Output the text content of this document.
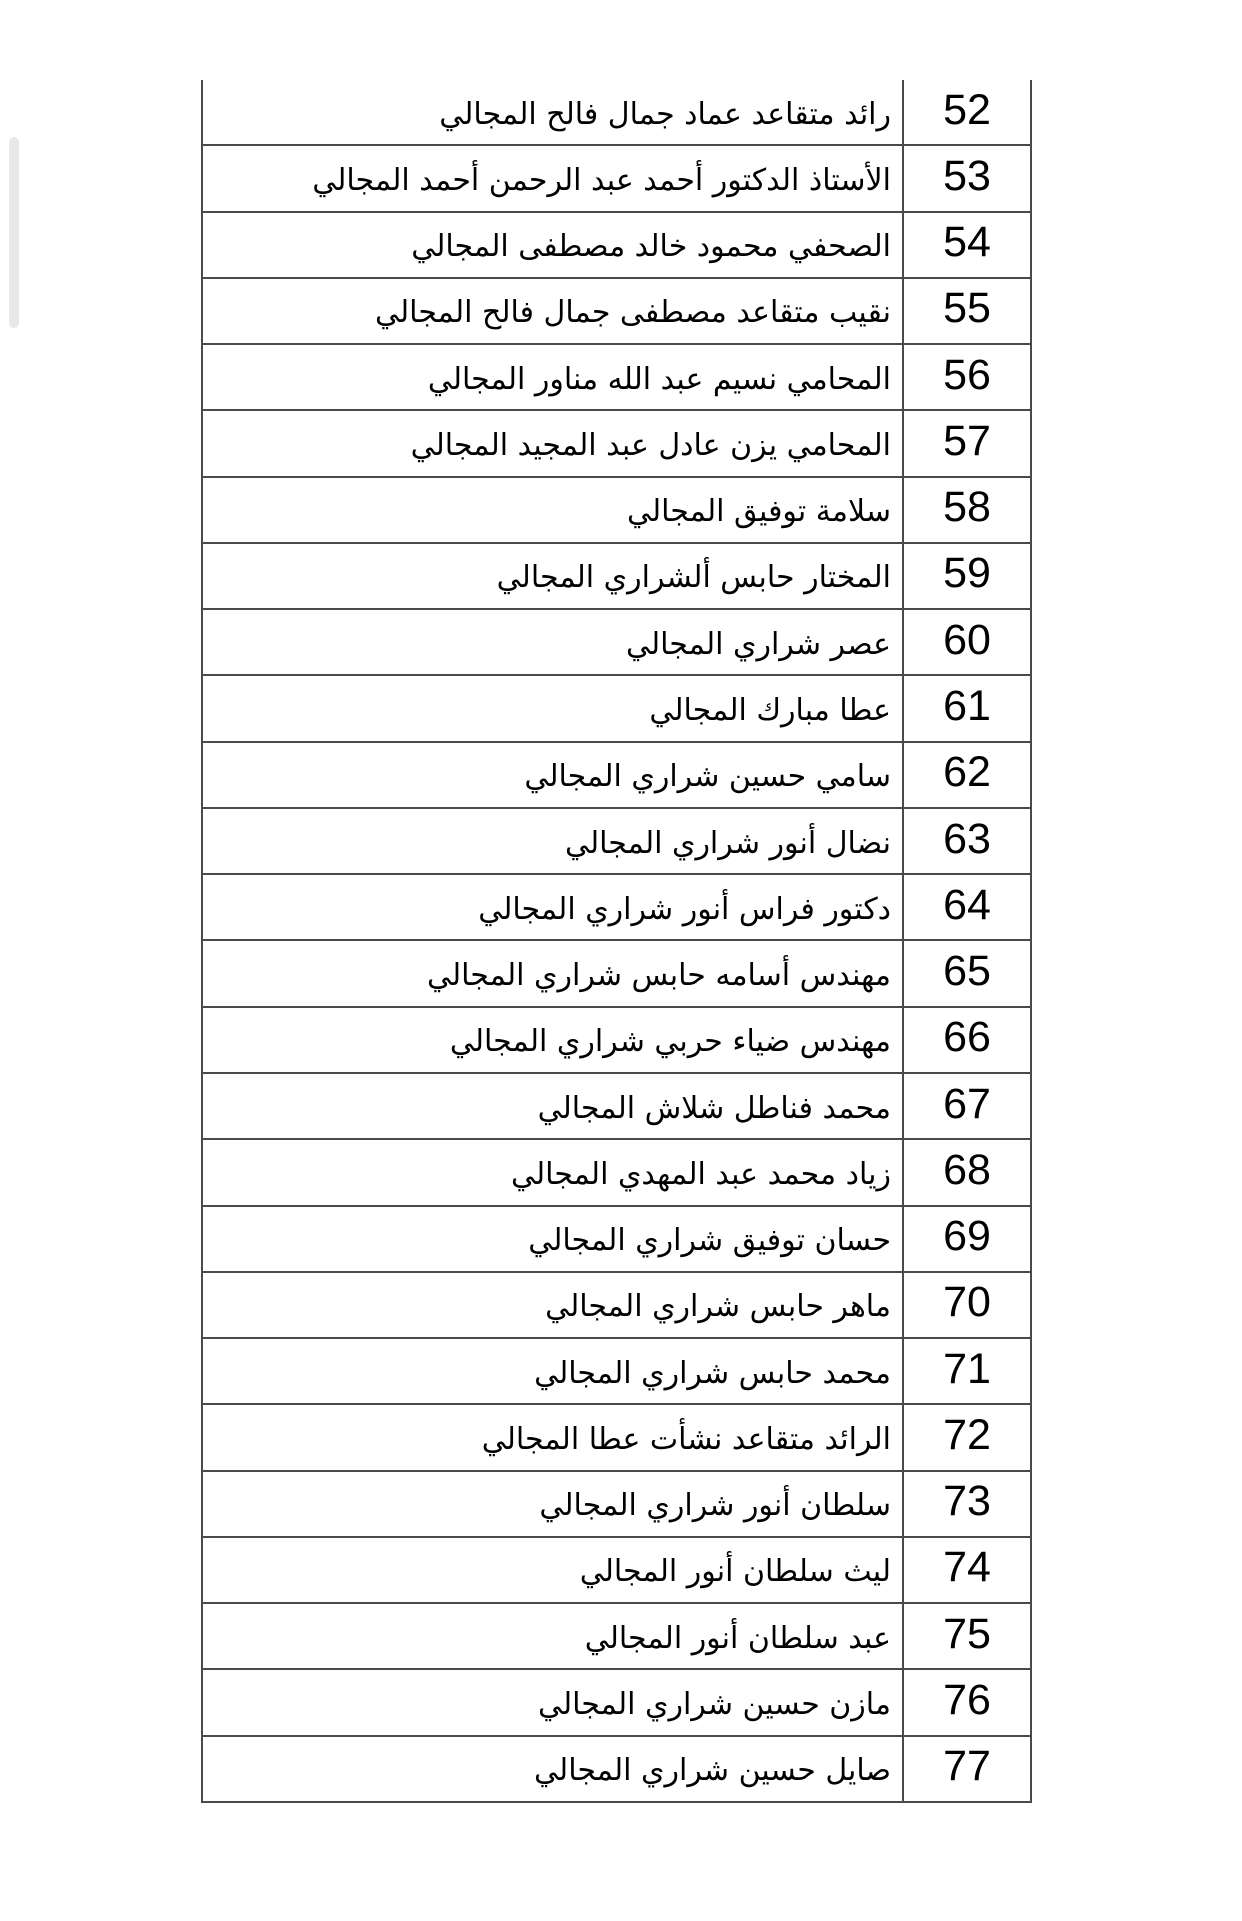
رائد متقاعد عماد جمال فالح المجالي	52
الأستاذ الدكتور أحمد عبد الرحمن أحمد المجالي	53
الصحفي محمود خالد مصطفى المجالي	54
نقيب متقاعد مصطفى جمال فالح المجالي	55
المحامي نسيم عبد الله مناور المجالي	56
المحامي يزن عادل عبد المجيد المجالي	57
سلامة توفيق المجالي	58
المختار حابس ألشراري المجالي	59
عصر شراري المجالي	60
عطا مبارك المجالي	61
سامي حسين شراري المجالي	62
نضال أنور شراري المجالي	63
دكتور فراس أنور شراري المجالي	64
مهندس أسامه حابس شراري المجالي	65
مهندس ضياء حربي شراري المجالي	66
محمد فناطل شلاش المجالي	67
زياد محمد عبد المهدي المجالي	68
حسان توفيق شراري المجالي	69
ماهر حابس شراري المجالي	70
محمد حابس شراري المجالي	71
الرائد متقاعد نشأت عطا المجالي	72
سلطان أنور شراري المجالي	73
ليث سلطان أنور المجالي	74
عبد سلطان أنور المجالي	75
مازن حسين شراري المجالي	76
صايل حسين شراري المجالي	77
